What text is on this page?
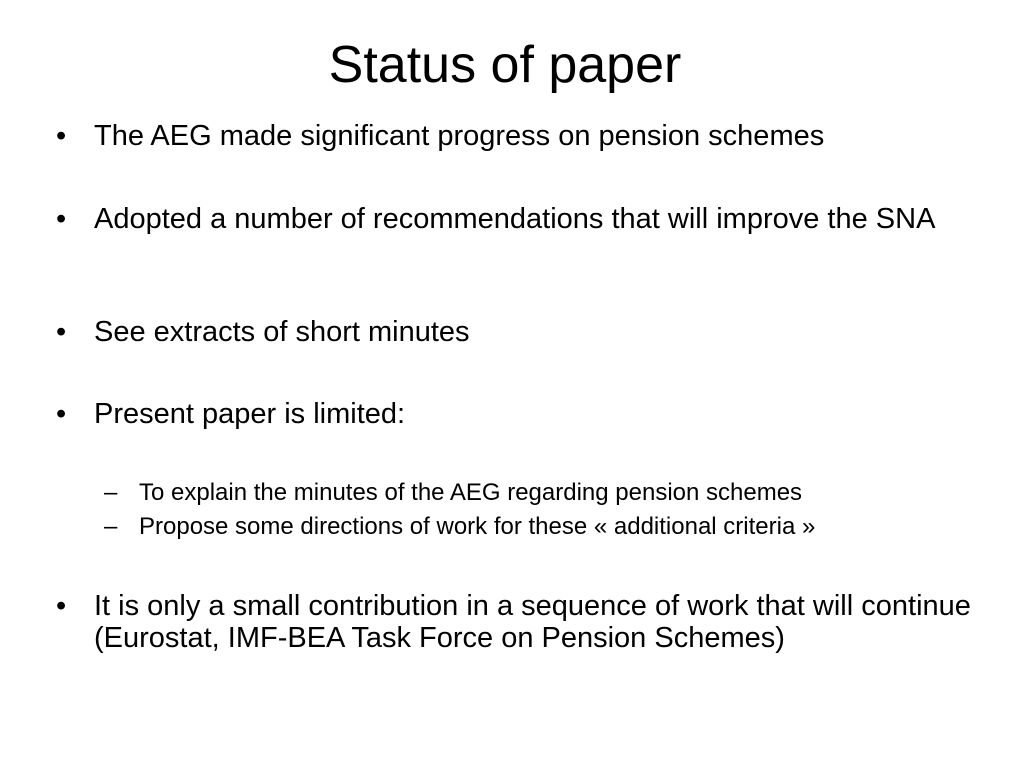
Status of paper
• The AEG made significant progress on pension schemes
• Adopted a number of recommendations that will improve the SNA
• See extracts of short minutes
• Present paper is limited:
– To explain the minutes of the AEG regarding pension schemes
– Propose some directions of work for these « additional criteria »
• It is only a small contribution in a sequence of work that will continue (Eurostat, IMF-BEA Task Force on Pension Schemes)
